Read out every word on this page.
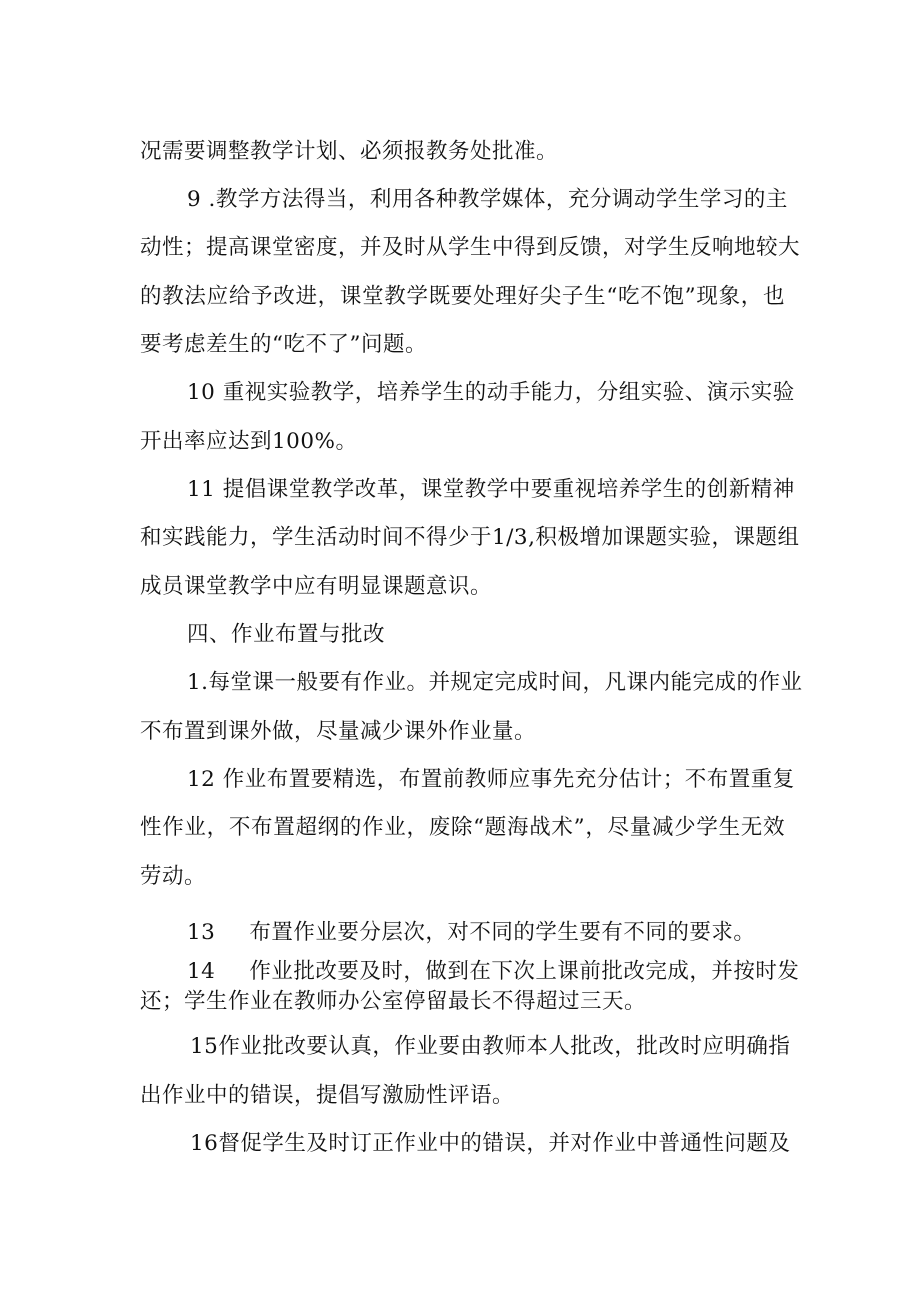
况需要调整教学计划、必须报教务处批准。
9 .教学方法得当，利用各种教学媒体，充分调动学生学习的主
动性；提高课堂密度，并及时从学生中得到反馈，对学生反响地较大
的教法应给予改进，课堂教学既要处理好尖子生“吃不饱”现象，也
要考虑差生的“吃不了”问题。
10 重视实验教学，培养学生的动手能力，分组实验、演示实验
开出率应达到100%。
11 提倡课堂教学改革，课堂教学中要重视培养学生的创新精神
和实践能力，学生活动时间不得少于1/3,积极增加课题实验，课题组
成员课堂教学中应有明显课题意识。
四、作业布置与批改
1.每堂课一般要有作业。并规定完成时间，凡课内能完成的作业
不布置到课外做，尽量减少课外作业量。
12 作业布置要精选，布置前教师应事先充分估计；不布置重复
性作业，不布置超纲的作业，废除“题海战术”，尽量减少学生无效
劳动。
13 布置作业要分层次，对不同的学生要有不同的要求。
14 作业批改要及时，做到在下次上课前批改完成，并按时发
还；学生作业在教师办公室停留最长不得超过三天。
15作业批改要认真，作业要由教师本人批改，批改时应明确指
出作业中的错误，提倡写激励性评语。
16督促学生及时订正作业中的错误，并对作业中普通性问题及
